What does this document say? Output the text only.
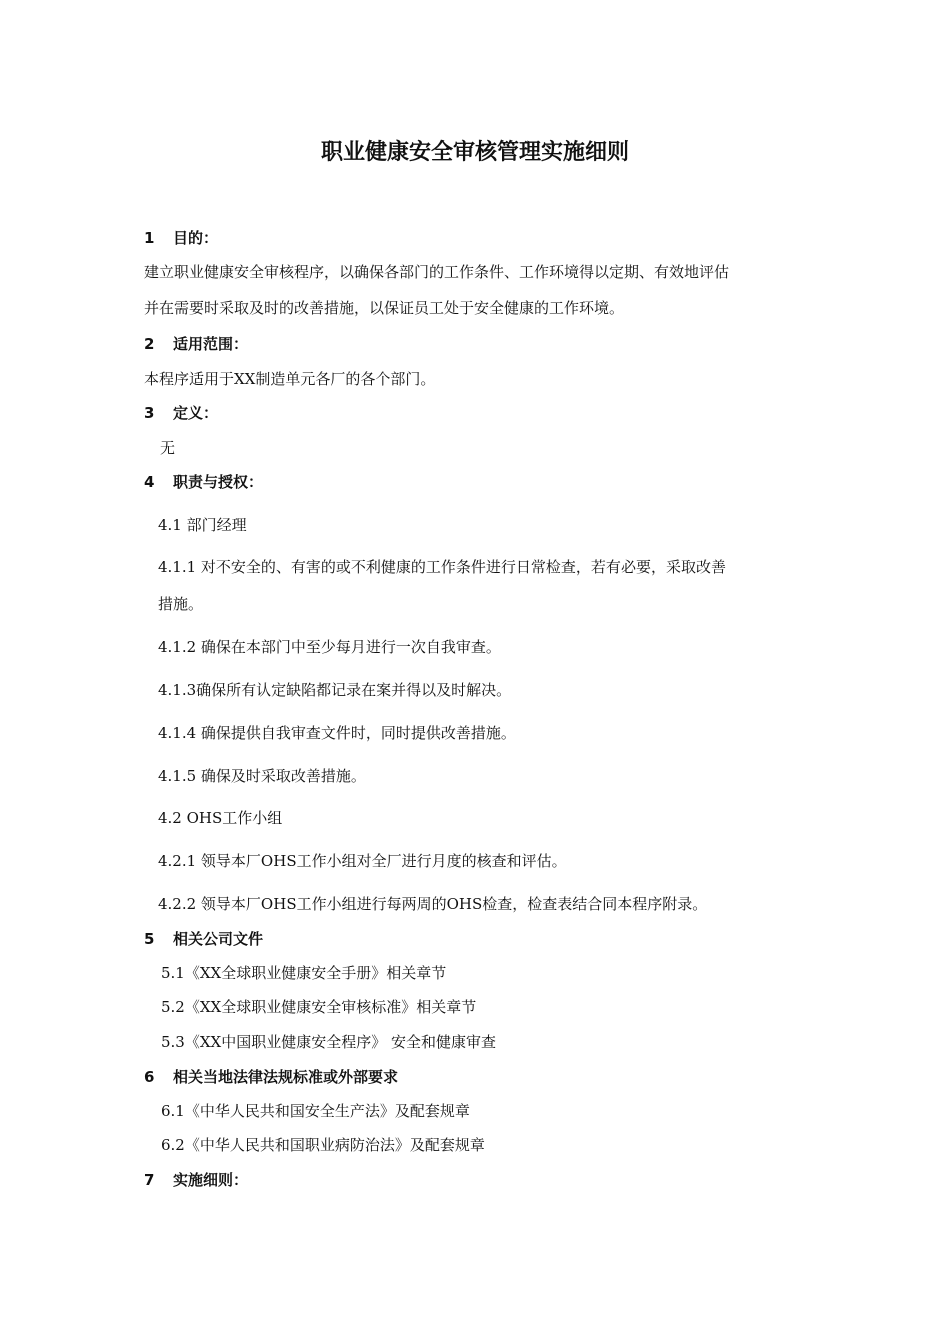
职业健康安全审核管理实施细则

1 目的：

建立职业健康安全审核程序，以确保各部门的工作条件、工作环境得以定期、有效地评估

并在需要时采取及时的改善措施，以保证员工处于安全健康的工作环境。

2 适用范围：

本程序适用于XX制造单元各厂的各个部门。

3 定义：

无

4 职责与授权：

4.1 部门经理

4.1.1 对不安全的、有害的或不利健康的工作条件进行日常检查，若有必要，采取改善

措施。

4.1.2 确保在本部门中至少每月进行一次自我审查。

4.1.3确保所有认定缺陷都记录在案并得以及时解决。

4.1.4 确保提供自我审查文件时，同时提供改善措施。

4.1.5 确保及时采取改善措施。

4.2 OHS工作小组

4.2.1 领导本厂OHS工作小组对全厂进行月度的核查和评估。

4.2.2 领导本厂OHS工作小组进行每两周的OHS检查，检查表结合同本程序附录。

5 相关公司文件

5.1《XX全球职业健康安全手册》相关章节

5.2《XX全球职业健康安全审核标准》相关章节

5.3《XX中国职业健康安全程序》 安全和健康审查

6 相关当地法律法规标准或外部要求

6.1《中华人民共和国安全生产法》及配套规章

6.2《中华人民共和国职业病防治法》及配套规章

7 实施细则：
